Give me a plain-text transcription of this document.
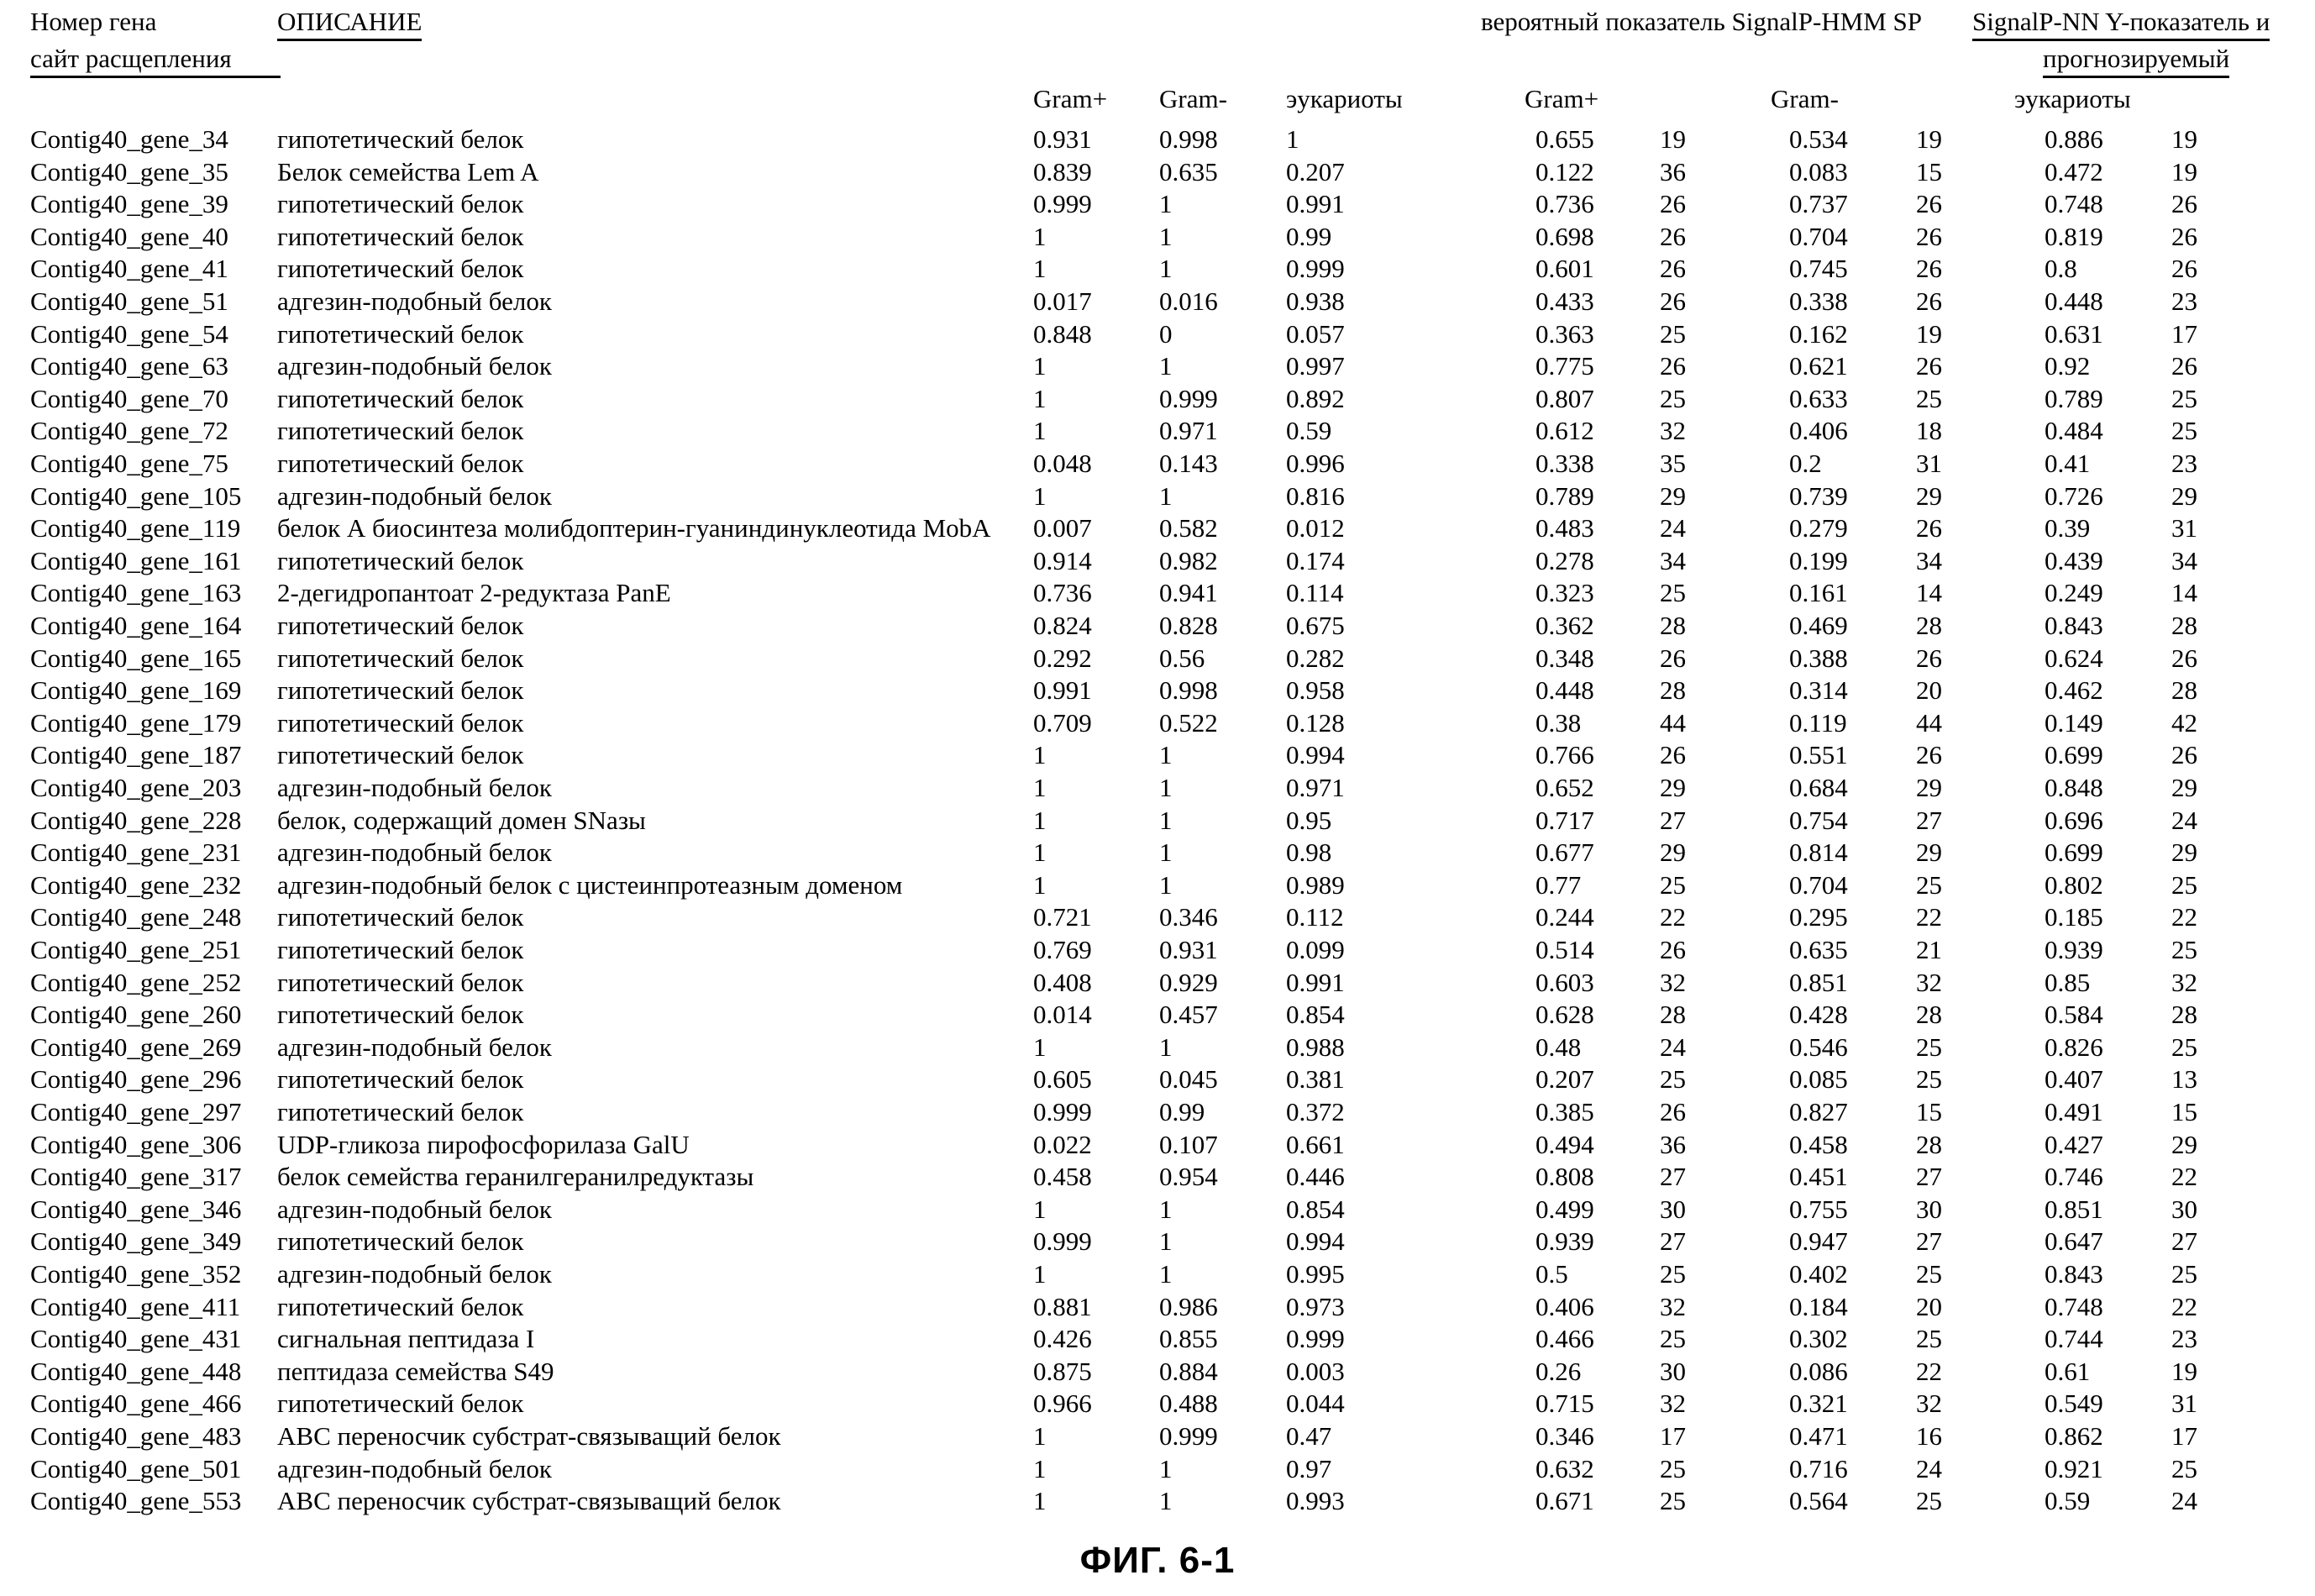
Номер гена	ОПИСАНИЕ	вероятный показатель SignalP-HMM SP SignalP-NN Y-показатель и
сайт расщепления	прогнозируемый
Gram+ Gram- эукариоты	Gram+	Gram-	эукариоты
Contig40_gene_34 гипотетический белок	0.931	0.998	1	0.655	19	0.534	19	0.886	19
Contig40_gene_35 Белок семейства Lem A	0.839	0.635	0.207	0.122	36	0.083	15	0.472	19
Contig40_gene_39 гипотетический белок	0.999	1	0.991	0.736	26	0.737	26	0.748	26
Contig40_gene_40 гипотетический белок	1	1	0.99	0.698	26	0.704	26	0.819	26
Contig40_gene_41 гипотетический белок	1	1	0.999	0.601	26	0.745	26	0.8	26
Contig40_gene_51 адгезин-подобный белок	0.017	0.016	0.938	0.433	26	0.338	26	0.448	23
Contig40_gene_54 гипотетический белок	0.848	0	0.057	0.363	25	0.162	19	0.631	17
Contig40_gene_63 адгезин-подобный белок	1	1	0.997	0.775	26	0.621	26	0.92	26
Contig40_gene_70 гипотетический белок	1	0.999	0.892	0.807	25	0.633	25	0.789	25
Contig40_gene_72 гипотетический белок	1	0.971	0.59	0.612	32	0.406	18	0.484	25
Contig40_gene_75 гипотетический белок	0.048	0.143	0.996	0.338	35	0.2	31	0.41	23
Contig40_gene_105 адгезин-подобный белок	1	1	0.816	0.789	29	0.739	29	0.726	29
Contig40_gene_119 белок А биосинтеза молибдоптерин-гуаниндинуклеотида MobA 0.007	0.582	0.012	0.483	24	0.279	26	0.39	31
Contig40_gene_161 гипотетический белок	0.914	0.982	0.174	0.278	34	0.199	34	0.439	34
Contig40_gene_163 2-дегидропантоат 2-редуктаза PanE	0.736	0.941	0.114	0.323	25	0.161	14	0.249	14
Contig40_gene_164 гипотетический белок	0.824	0.828	0.675	0.362	28	0.469	28	0.843	28
Contig40_gene_165 гипотетический белок	0.292	0.56	0.282	0.348	26	0.388	26	0.624	26
Contig40_gene_169 гипотетический белок	0.991	0.998	0.958	0.448	28	0.314	20	0.462	28
Contig40_gene_179 гипотетический белок	0.709	0.522	0.128	0.38	44	0.119	44	0.149	42
Contig40_gene_187 гипотетический белок	1	1	0.994	0.766	26	0.551	26	0.699	26
Contig40_gene_203 адгезин-подобный белок	1	1	0.971	0.652	29	0.684	29	0.848	29
Contig40_gene_228 белок, содержащий домен SNазы	1	1	0.95	0.717	27	0.754	27	0.696	24
Contig40_gene_231 адгезин-подобный белок	1	1	0.98	0.677	29	0.814	29	0.699	29
Contig40_gene_232 адгезин-подобный белок с цистеинпротеазным доменом	1	1	0.989	0.77	25	0.704	25	0.802	25
Contig40_gene_248 гипотетический белок	0.721	0.346	0.112	0.244	22	0.295	22	0.185	22
Contig40_gene_251 гипотетический белок	0.769	0.931	0.099	0.514	26	0.635	21	0.939	25
Contig40_gene_252 гипотетический белок	0.408	0.929	0.991	0.603	32	0.851	32	0.85	32
Contig40_gene_260 гипотетический белок	0.014	0.457	0.854	0.628	28	0.428	28	0.584	28
Contig40_gene_269 адгезин-подобный белок	1	1	0.988	0.48	24	0.546	25	0.826	25
Contig40_gene_296 гипотетический белок	0.605	0.045	0.381	0.207	25	0.085	25	0.407	13
Contig40_gene_297 гипотетический белок	0.999	0.99	0.372	0.385	26	0.827	15	0.491	15
Contig40_gene_306 UDP-гликоза пирофосфорилаза GalU	0.022	0.107	0.661	0.494	36	0.458	28	0.427	29
Contig40_gene_317 белок семейства геранилгеранилредуктазы	0.458	0.954	0.446	0.808	27	0.451	27	0.746	22
Contig40_gene_346 адгезин-подобный белок	1	1	0.854	0.499	30	0.755	30	0.851	30
Contig40_gene_349 гипотетический белок	0.999	1	0.994	0.939	27	0.947	27	0.647	27
Contig40_gene_352 адгезин-подобный белок	1	1	0.995	0.5	25	0.402	25	0.843	25
Contig40_gene_411 гипотетический белок	0.881	0.986	0.973	0.406	32	0.184	20	0.748	22
Contig40_gene_431 сигнальная пептидаза I	0.426	0.855	0.999	0.466	25	0.302	25	0.744	23
Contig40_gene_448 пептидаза семейства S49	0.875	0.884	0.003	0.26	30	0.086	22	0.61	19
Contig40_gene_466 гипотетический белок	0.966	0.488	0.044	0.715	32	0.321	32	0.549	31
Contig40_gene_483 АВС переносчик субстрат-связыващий белок	1	0.999	0.47	0.346	17	0.471	16	0.862	17
Contig40_gene_501 адгезин-подобный белок	1	1	0.97	0.632	25	0.716	24	0.921	25
Contig40_gene_553 АВС переносчик субстрат-связыващий белок	1	1	0.993	0.671	25	0.564	25	0.59	24
ФИГ. 6-1
